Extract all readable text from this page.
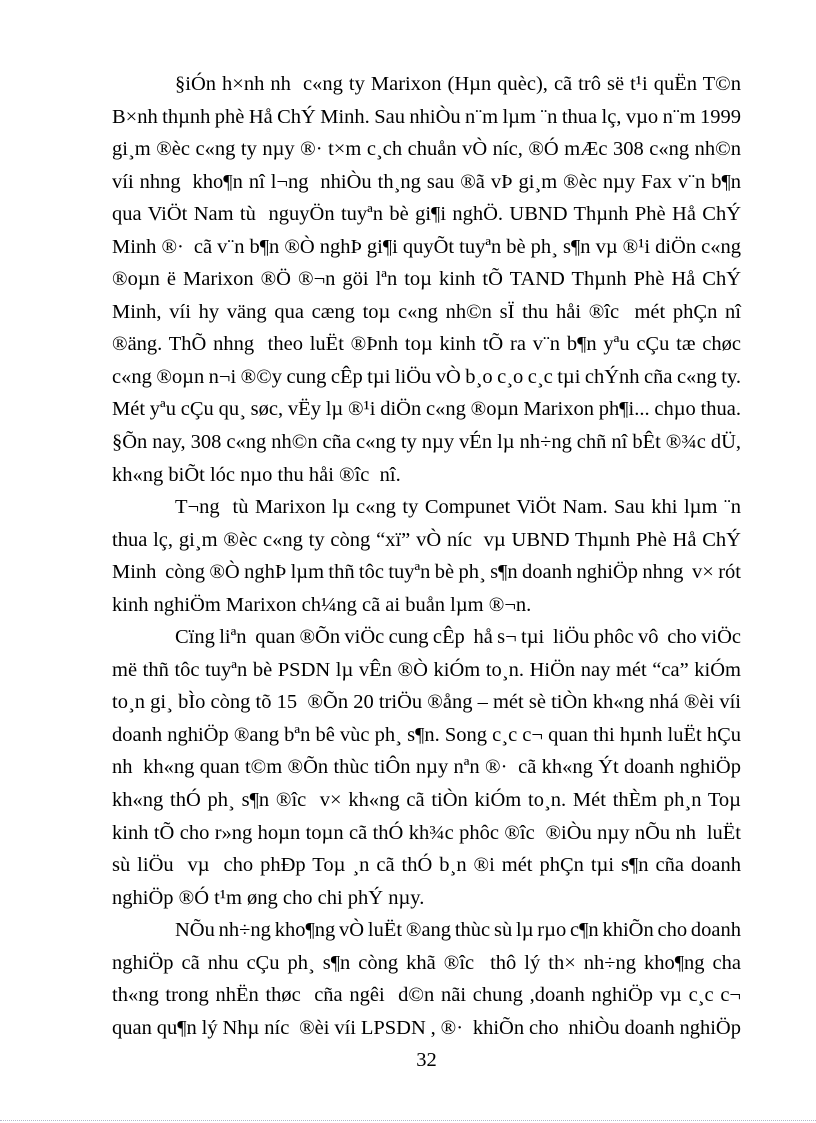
§iÓn h×nh nh  c«ng ty Marixon (Hµn quèc), cã trô së t¹i quËn T©n
B×nh thµnh phè Hå ChÝ Minh. Sau nhiÒu n¨m lµm ¨n thua lç, vµo n¨m 1999
gi¸m ®èc c«ng ty nµy ®· t×m c¸ch chuån vÒ níc, ®Ó mÆc 308 c«ng nh©n
víi nhng  kho¶n nî l¬ng  nhiÒu th¸ng sau ®ã vÞ gi¸m ®èc nµy Fax v¨n b¶n
qua ViÖt Nam tù  nguyÖn tuyªn bè gi¶i nghÖ. UBND Thµnh Phè Hå ChÝ
Minh ®·  cã v¨n b¶n ®Ò nghÞ gi¶i quyÕt tuyªn bè ph¸ s¶n vµ ®¹i diÖn c«ng
®oµn ë Marixon ®Ö ®¬n göi lªn toµ kinh tÕ TAND Thµnh Phè Hå ChÝ
Minh, víi hy väng qua cæng toµ c«ng nh©n sÏ thu håi ®îc  mét phÇn nî
®äng. ThÕ nhng  theo luËt ®Þnh toµ kinh tÕ ra v¨n b¶n yªu cÇu tæ chøc
c«ng ®oµn n¬i ®©y cung cÊp tµi liÖu vÒ b¸o c¸o c¸c tµi chÝnh cña c«ng ty.
Mét yªu cÇu qu¸ søc, vËy lµ ®¹i diÖn c«ng ®oµn Marixon ph¶i... chµo thua.
§Õn nay, 308 c«ng nh©n cña c«ng ty nµy vÉn lµ nh÷ng chñ nî bÊt ®¾c dÜ,
kh«ng biÕt lóc nµo thu håi ®îc  nî.
T¬ng  tù Marixon lµ c«ng ty Compunet ViÖt Nam. Sau khi lµm ¨n
thua lç, gi¸m ®èc c«ng ty còng “xï” vÒ níc  vµ UBND Thµnh Phè Hå ChÝ
Minh  còng ®Ò nghÞ lµm thñ tôc tuyªn bè ph¸ s¶n doanh nghiÖp nhng  v× rót
kinh nghiÖm Marixon ch¼ng cã ai buån lµm ®¬n.
Cïng liªn  quan ®Õn viÖc cung cÊp  hå s¬ tµi  liÖu phôc vô  cho viÖc
më thñ tôc tuyªn bè PSDN lµ vÊn ®Ò kiÓm to¸n. HiÖn nay mét “ca” kiÓm
to¸n gi¸ bÌo còng tõ 15  ®Õn 20 triÖu ®ång – mét sè tiÒn kh«ng nhá ®èi víi
doanh nghiÖp ®ang bªn bê vùc ph¸ s¶n. Song c¸c c¬ quan thi hµnh luËt hÇu
nh  kh«ng quan t©m ®Õn thùc tiÔn nµy nªn ®·  cã kh«ng Ýt doanh nghiÖp
kh«ng thÓ ph¸ s¶n ®îc  v× kh«ng cã tiÒn kiÓm to¸n. Mét thÈm ph¸n Toµ
kinh tÕ cho r»ng hoµn toµn cã thÓ kh¾c phôc ®îc  ®iÒu nµy nÕu nh  luËt
sù liÖu  vµ  cho phÐp Toµ ¸n cã thÓ b¸n ®i mét phÇn tµi s¶n cña doanh
nghiÖp ®Ó t¹m øng cho chi phÝ nµy.
NÕu nh÷ng kho¶ng vÒ luËt ®ang thùc sù lµ rµo c¶n khiÕn cho doanh
nghiÖp cã nhu cÇu ph¸ s¶n còng khã ®îc  thô lý th× nh÷ng kho¶ng cha
th«ng trong nhËn thøc  cña ngêi  d©n nãi chung ,doanh nghiÖp vµ c¸c c¬
quan qu¶n lý Nhµ níc  ®èi víi LPSDN , ®·  khiÕn cho  nhiÒu doanh nghiÖp
32
